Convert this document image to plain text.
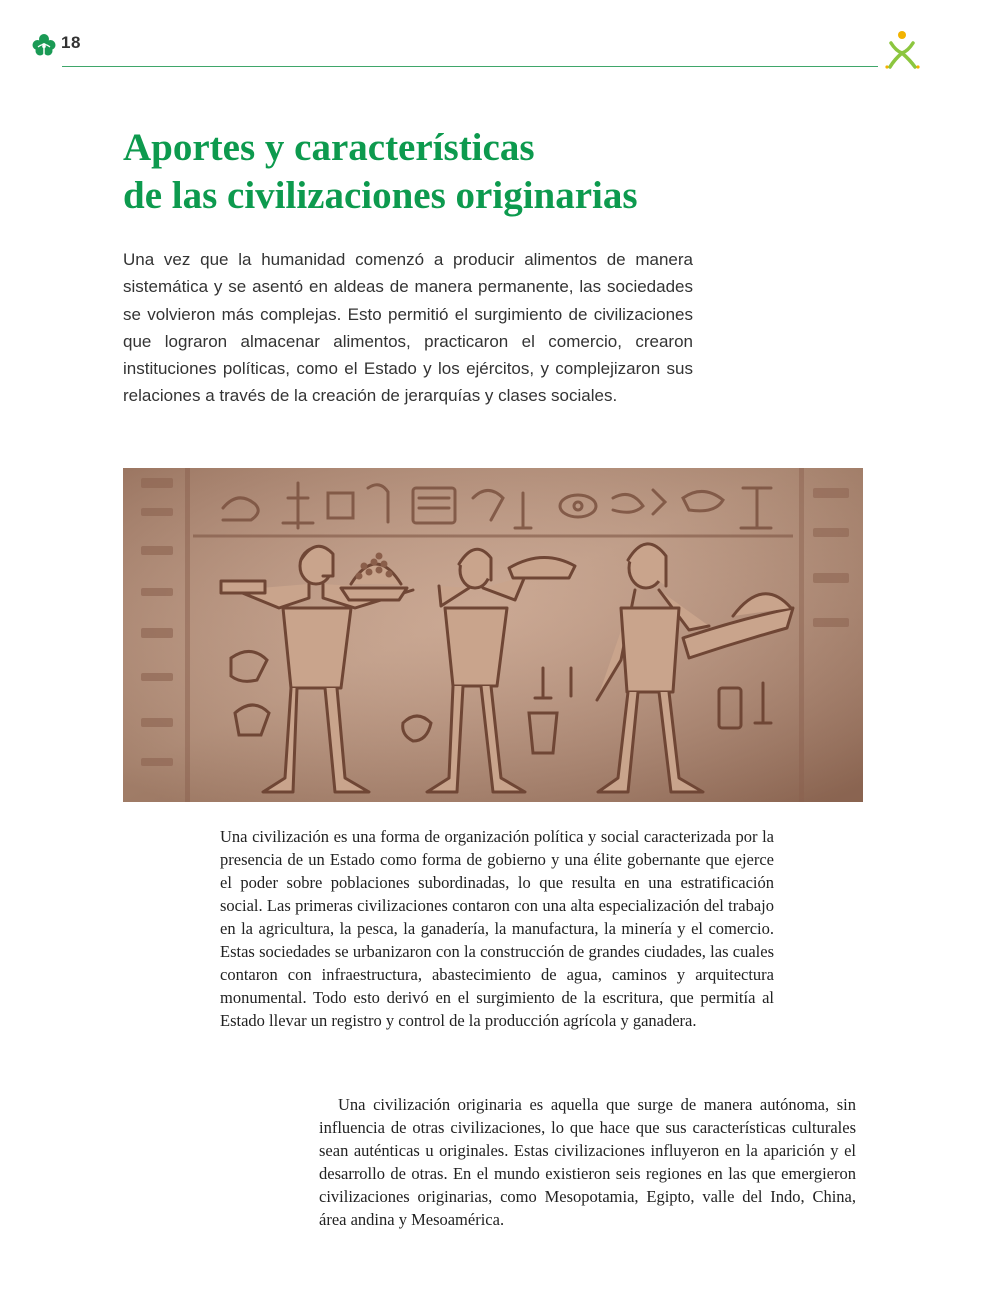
18
Aportes y características
de las civilizaciones originarias

Una vez que la humanidad comenzó a producir alimentos de manera sistemática y se asentó en aldeas de manera permanente, las sociedades se volvieron más complejas. Esto permitió el surgimiento de civilizaciones que lograron almacenar alimentos, practicaron el comercio, crearon instituciones políticas, como el Estado y los ejércitos, y complejizaron sus relaciones a través de la creación de jerarquías y clases sociales.

Una civilización es una forma de organización política y social caracterizada por la presencia de un Estado como forma de gobierno y una élite gobernante que ejerce el poder sobre poblaciones subordinadas, lo que resulta en una estratificación social. Las primeras civilizaciones contaron con una alta especialización del trabajo en la agricultura, la pesca, la ganadería, la manufactura, la minería y el comercio. Estas sociedades se urbanizaron con la construcción de grandes ciudades, las cuales contaron con infraestructura, abastecimiento de agua, caminos y arquitectura monumental. Todo esto derivó en el surgimiento de la escritura, que permitía al Estado llevar un registro y control de la producción agrícola y ganadera.

Una civilización originaria es aquella que surge de manera autónoma, sin influencia de otras civilizaciones, lo que hace que sus características culturales sean auténticas u originales. Estas civilizaciones influyeron en la aparición y el desarrollo de otras. En el mundo existieron seis regiones en las que emergieron civilizaciones originarias, como Mesopotamia, Egipto, valle del Indo, China, área andina y Mesoamérica.
